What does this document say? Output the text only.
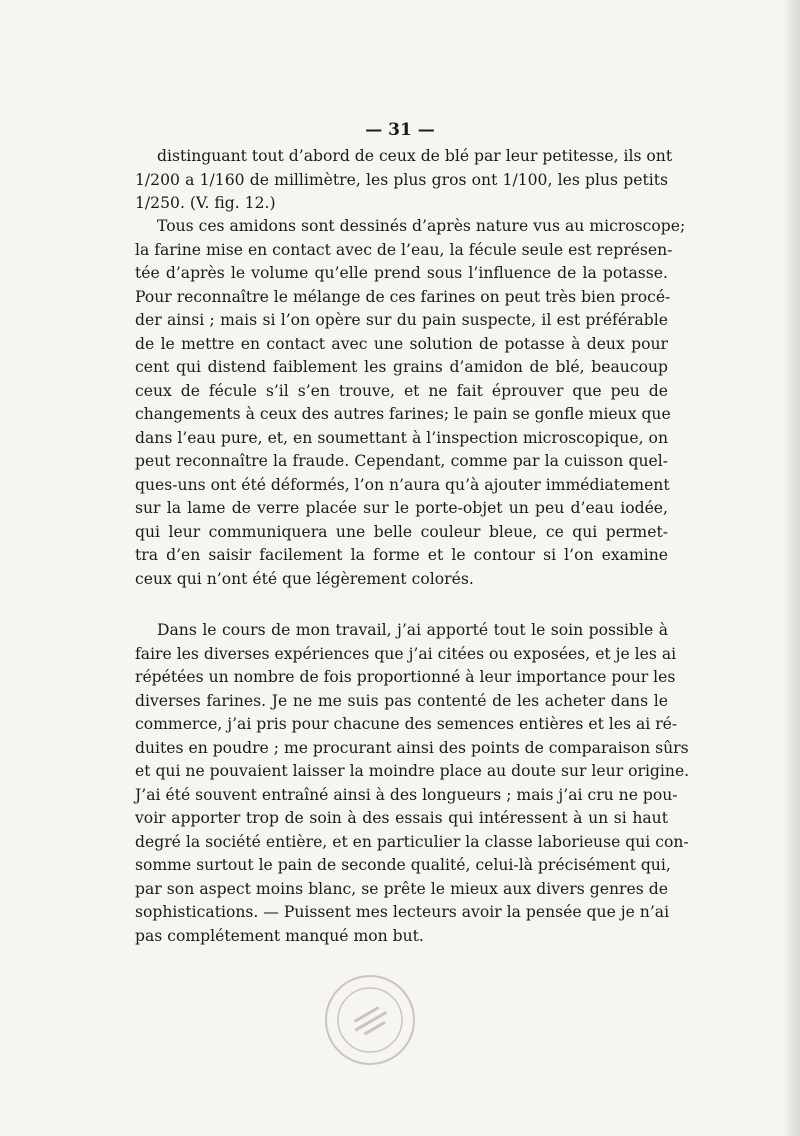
— 31 —
distinguant tout d’abord de ceux de blé par leur petitesse, ils ont
1/200 a 1/160 de millimètre, les plus gros ont 1/100, les plus petits
1/250. (V. fig. 12.)
Tous ces amidons sont dessinés d’après nature vus au microscope;
la farine mise en contact avec de l’eau, la fécule seule est représen-
tée d’après le volume qu’elle prend sous l’influence de la potasse.
Pour reconnaître le mélange de ces farines on peut très bien procé-
der ainsi ; mais si l’on opère sur du pain suspecte, il est préférable
de le mettre en contact avec une solution de potasse à deux pour
cent qui distend faiblement les grains d’amidon de blé, beaucoup
ceux de fécule s’il s’en trouve, et ne fait éprouver que peu de
changements à ceux des autres farines; le pain se gonfle mieux que
dans l’eau pure, et, en soumettant à l’inspection microscopique, on
peut reconnaître la fraude. Cependant, comme par la cuisson quel-
ques-uns ont été déformés, l’on n’aura qu’à ajouter immédiatement
sur la lame de verre placée sur le porte-objet un peu d’eau iodée,
qui leur communiquera une belle couleur bleue, ce qui permet-
tra d’en saisir facilement la forme et le contour si l’on examine
ceux qui n’ont été que légèrement colorés.
Dans le cours de mon travail, j’ai apporté tout le soin possible à
faire les diverses expériences que j’ai citées ou exposées, et je les ai
répétées un nombre de fois proportionné à leur importance pour les
diverses farines. Je ne me suis pas contenté de les acheter dans le
commerce, j’ai pris pour chacune des semences entières et les ai ré-
duites en poudre ; me procurant ainsi des points de comparaison sûrs
et qui ne pouvaient laisser la moindre place au doute sur leur origine.
J’ai été souvent entraîné ainsi à des longueurs ; mais j’ai cru ne pou-
voir apporter trop de soin à des essais qui intéressent à un si haut
degré la société entière, et en particulier la classe laborieuse qui con-
somme surtout le pain de seconde qualité, celui-là précisément qui,
par son aspect moins blanc, se prête le mieux aux divers genres de
sophistications. — Puissent mes lecteurs avoir la pensée que je n’ai
pas complétement manqué mon but.
